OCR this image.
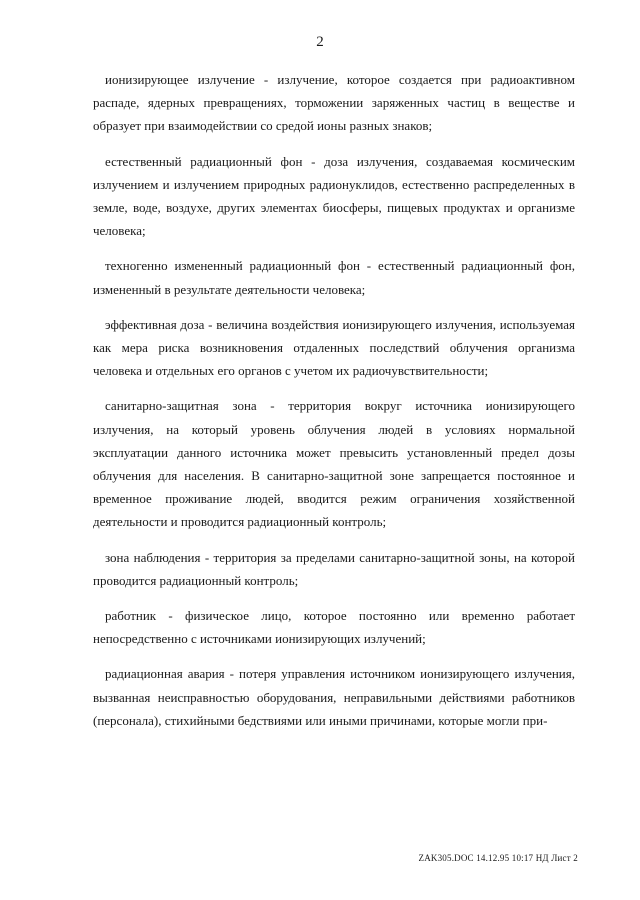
2

ионизирующее излучение - излучение, которое создается при радиоактивном распаде, ядерных превращениях, торможении заряженных частиц в веществе и образует при взаимодействии со средой ионы разных знаков;

естественный радиационный фон - доза излучения, создаваемая космическим излучением и излучением природных радионуклидов, естественно распределенных в земле, воде, воздухе, других элементах биосферы, пищевых продуктах и организме человека;

техногенно измененный радиационный фон - естественный радиационный фон, измененный в результате деятельности человека;

эффективная доза - величина воздействия ионизирующего излучения, используемая как мера риска возникновения отдаленных последствий облучения организма человека и отдельных его органов с учетом их радиочувствительности;

санитарно-защитная зона - территория вокруг источника ионизирующего излучения, на который уровень облучения людей в условиях нормальной эксплуатации данного источника может превысить установленный предел дозы облучения для населения. В санитарно-защитной зоне запрещается постоянное и временное проживание людей, вводится режим ограничения хозяйственной деятельности и проводится радиационный контроль;

зона наблюдения - территория за пределами санитарно-защитной зоны, на которой проводится радиационный контроль;

работник - физическое лицо, которое постоянно или временно работает непосредственно с источниками ионизирующих излучений;

радиационная авария - потеря управления источником ионизирующего излучения, вызванная неисправностью оборудования, неправильными действиями работников (персонала), стихийными бедствиями или иными причинами, которые могли при-

ZAK305.DOC 14.12.95 10:17 НД Лист 2
